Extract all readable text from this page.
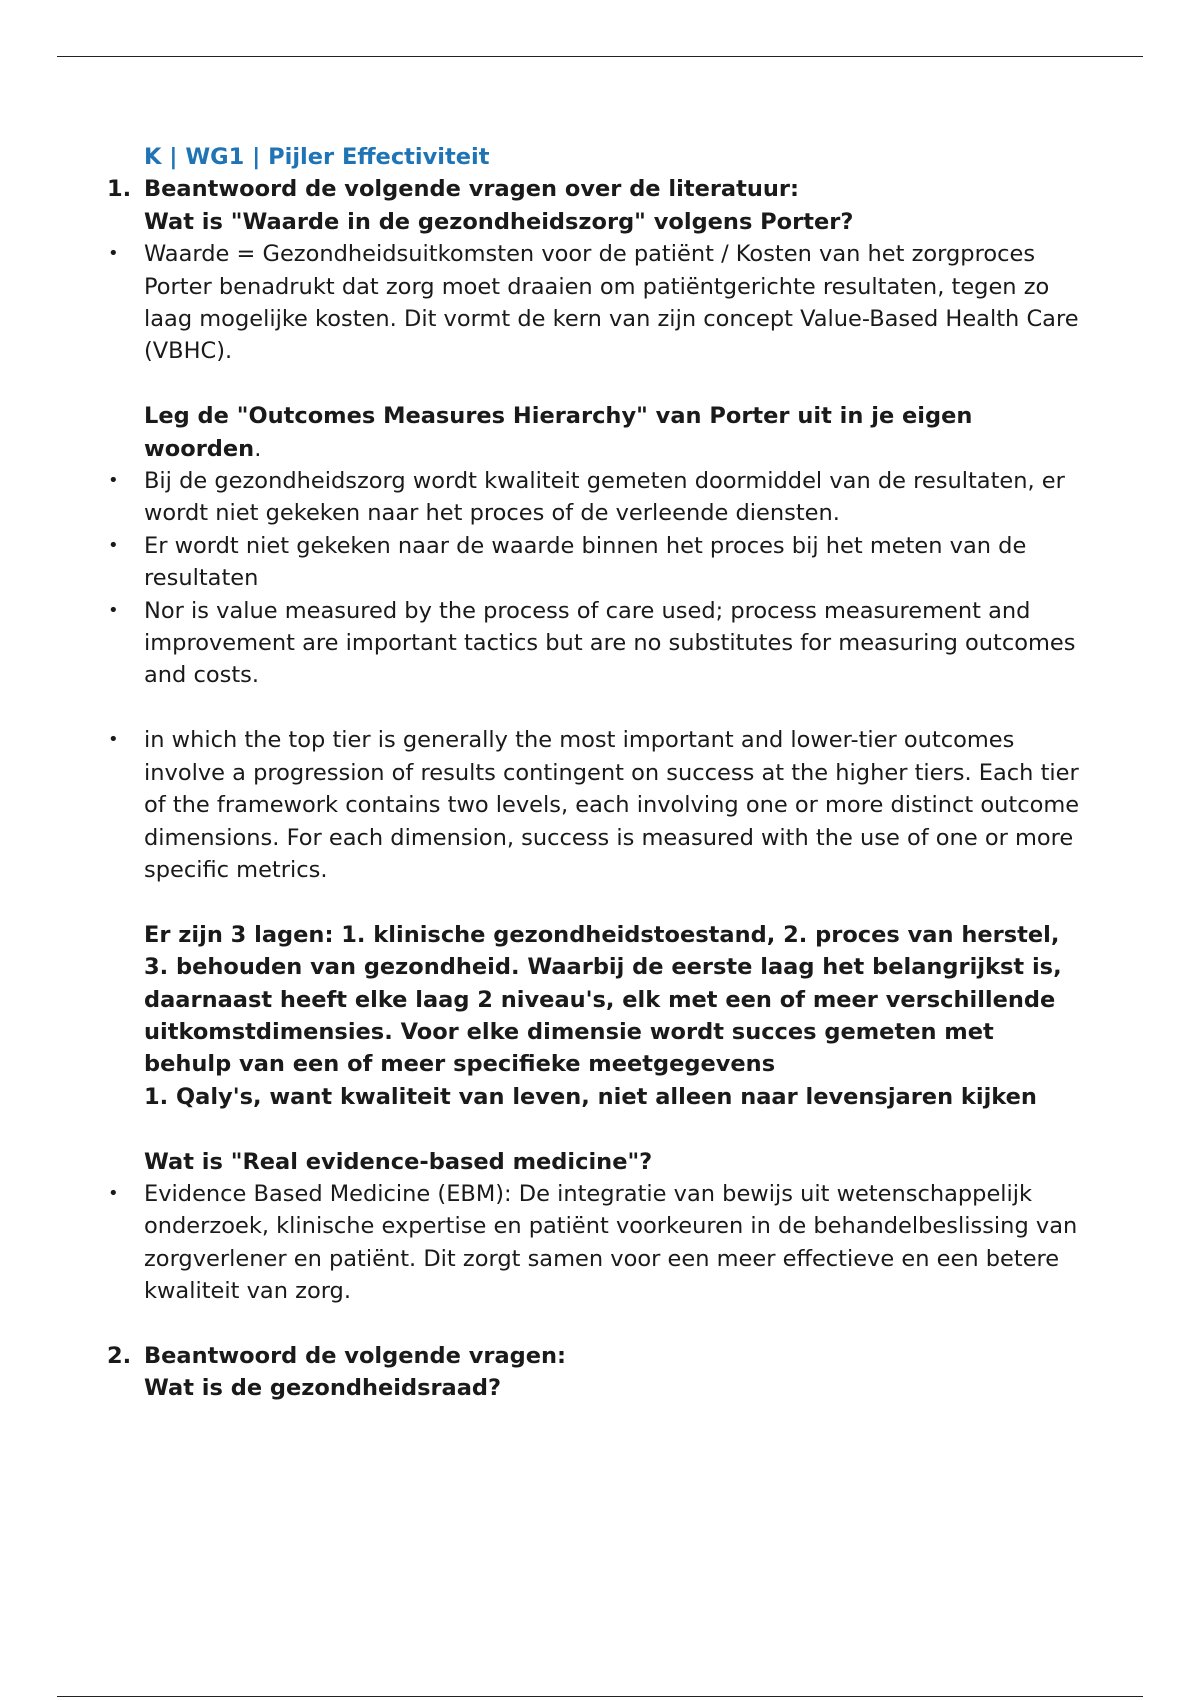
K | WG1 | Pijler Effectiviteit
1. Beantwoord de volgende vragen over de literatuur:
Wat is "Waarde in de gezondheidszorg" volgens Porter?
• Waarde = Gezondheidsuitkomsten voor de patiënt / Kosten van het zorgproces
Porter benadrukt dat zorg moet draaien om patiëntgerichte resultaten, tegen zo laag mogelijke kosten. Dit vormt de kern van zijn concept Value-Based Health Care (VBHC).
Leg de "Outcomes Measures Hierarchy" van Porter uit in je eigen woorden.
• Bij de gezondheidszorg wordt kwaliteit gemeten doormiddel van de resultaten, er wordt niet gekeken naar het proces of de verleende diensten.
• Er wordt niet gekeken naar de waarde binnen het proces bij het meten van de resultaten
• Nor is value measured by the process of care used; process measurement and improvement are important tactics but are no substitutes for measuring outcomes and costs.
• in which the top tier is generally the most important and lower-tier outcomes involve a progression of results contingent on success at the higher tiers. Each tier of the framework contains two levels, each involving one or more distinct outcome dimensions. For each dimension, success is measured with the use of one or more specific metrics.
Er zijn 3 lagen: 1. klinische gezondheidstoestand, 2. proces van herstel, 3. behouden van gezondheid. Waarbij de eerste laag het belangrijkst is, daarnaast heeft elke laag 2 niveau's, elk met een of meer verschillende uitkomstdimensies. Voor elke dimensie wordt succes gemeten met behulp van een of meer specifieke meetgegevens
1. Qaly's, want kwaliteit van leven, niet alleen naar levensjaren kijken
Wat is "Real evidence-based medicine"?
• Evidence Based Medicine (EBM): De integratie van bewijs uit wetenschappelijk onderzoek, klinische expertise en patiënt voorkeuren in de behandelbeslissing van zorgverlener en patiënt. Dit zorgt samen voor een meer effectieve en een betere kwaliteit van zorg.
2. Beantwoord de volgende vragen:
Wat is de gezondheidsraad?
